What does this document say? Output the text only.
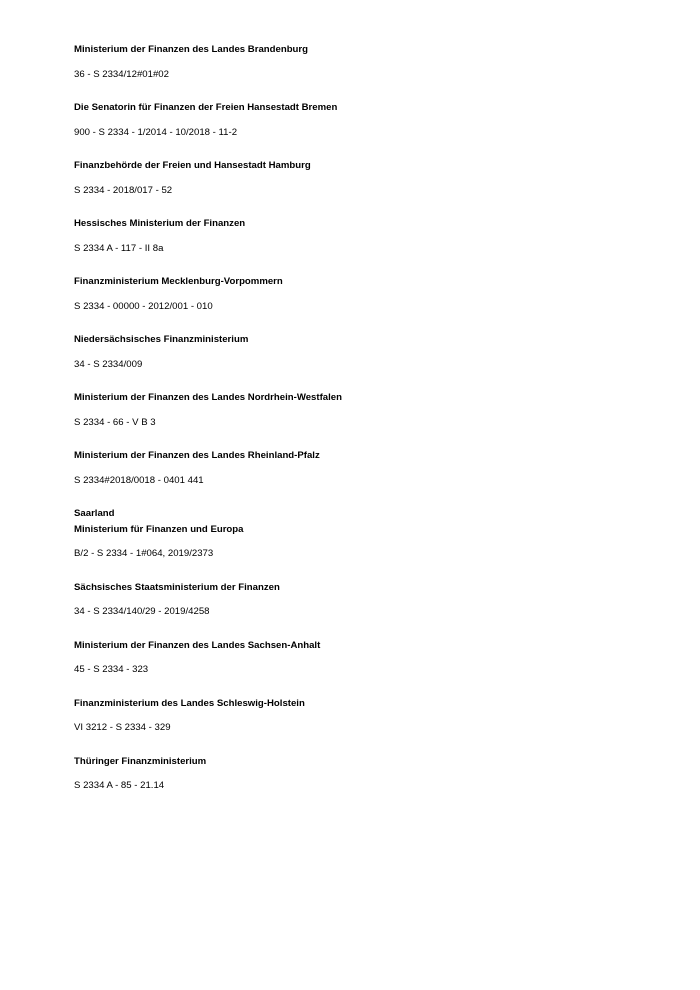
Ministerium der Finanzen des Landes Brandenburg

36 - S 2334/12#01#02

Die Senatorin für Finanzen der Freien Hansestadt Bremen

900 - S 2334 - 1/2014 - 10/2018 - 11-2

Finanzbehörde der Freien und Hansestadt Hamburg

S 2334 - 2018/017 - 52

Hessisches Ministerium der Finanzen

S 2334 A - 117 - II 8a

Finanzministerium Mecklenburg-Vorpommern

S 2334 - 00000 - 2012/001 - 010

Niedersächsisches Finanzministerium

34 - S 2334/009

Ministerium der Finanzen des Landes Nordrhein-Westfalen

S 2334 - 66 - V B 3

Ministerium der Finanzen des Landes Rheinland-Pfalz

S 2334#2018/0018 - 0401 441

Saarland

Ministerium für Finanzen und Europa

B/2 - S 2334 - 1#064, 2019/2373

Sächsisches Staatsministerium der Finanzen

34 - S 2334/140/29 - 2019/4258

Ministerium der Finanzen des Landes Sachsen-Anhalt

45 - S 2334 - 323

Finanzministerium des Landes Schleswig-Holstein

VI 3212 - S 2334 - 329

Thüringer Finanzministerium

S 2334 A - 85 - 21.14
